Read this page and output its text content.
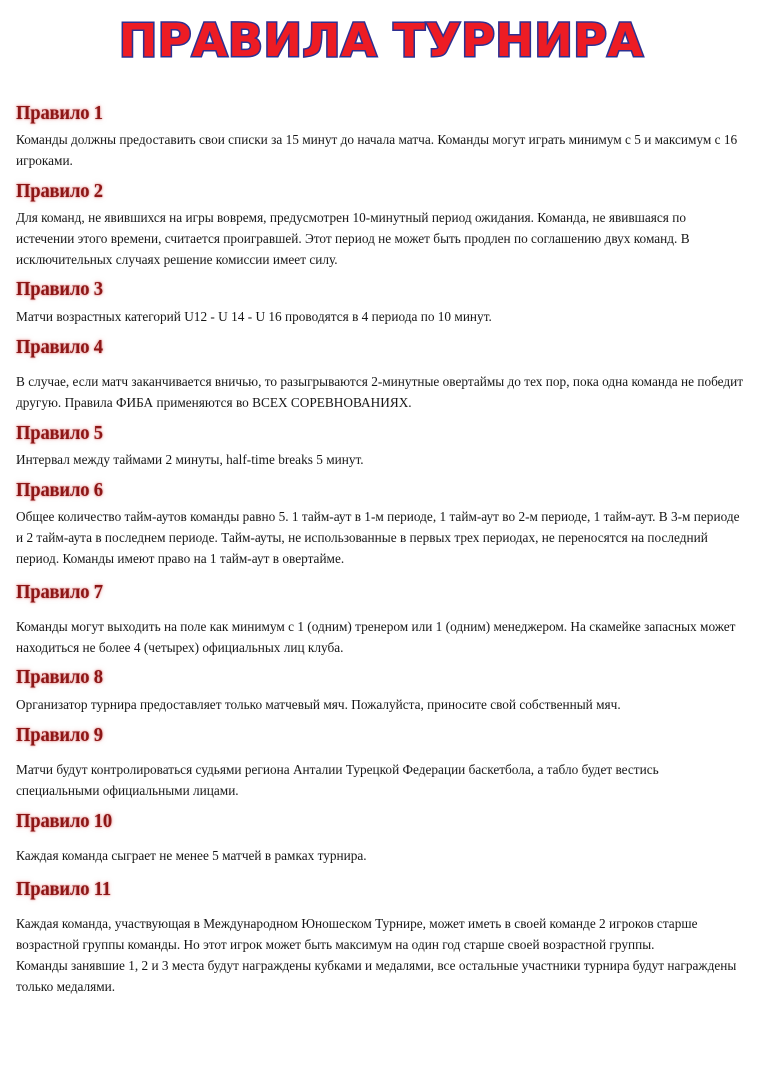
ПРАВИЛА ТУРНИРА
Правило 1

Команды должны предоставить свои списки за 15 минут до начала матча. Команды могут играть минимум с 5 и максимум с 16 игроками.

Правило 2

Для команд, не явившихся на игры вовремя, предусмотрен 10-минутный период ожидания. Команда, не явившаяся по истечении этого времени, считается проигравшей. Этот период не может быть продлен по соглашению двух команд. В исключительных случаях решение комиссии имеет силу.

Правило 3

Матчи возрастных категорий U12 - U 14 - U 16 проводятся в 4 периода по 10 минут.

Правило 4

В случае, если матч заканчивается вничью, то разыгрываются 2-минутные овертаймы до тех пор, пока одна команда не победит другую. Правила ФИБА применяются во ВСЕХ СОРЕВНОВАНИЯХ.

Правило 5

Интервал между таймами 2 минуты, half-time breaks 5 минут.

Правило 6

Общее количество тайм-аутов команды равно 5. 1 тайм-аут в 1-м периоде, 1 тайм-аут во 2-м периоде, 1 тайм-аут. В 3-м периоде и 2 тайм-аута в последнем периоде. Тайм-ауты, не использованные в первых трех периодах, не переносятся на последний период. Команды имеют право на 1 тайм-аут в овертайме.

Правило 7

Команды могут выходить на поле как минимум с 1 (одним) тренером или 1 (одним) менеджером. На скамейке запасных может находиться не более 4 (четырех) официальных лиц клуба.

Правило 8

Организатор турнира предоставляет только матчевый мяч. Пожалуйста, приносите свой собственный мяч.

Правило 9

Матчи будут контролироваться судьями региона Анталии Турецкой Федерации баскетбола, а табло будет вестись специальными официальными лицами.

Правило 10

Каждая команда сыграет не менее 5 матчей в рамках турнира.

Правило 11

Каждая команда, участвующая в Международном Юношеском Турнире, может иметь в своей команде 2 игроков старше возрастной группы команды. Но этот игрок может быть максимум на один год старше своей возрастной группы.

Команды занявшие 1, 2 и 3 места будут награждены кубками и медалями, все остальные участники турнира будут награждены только медалями.
